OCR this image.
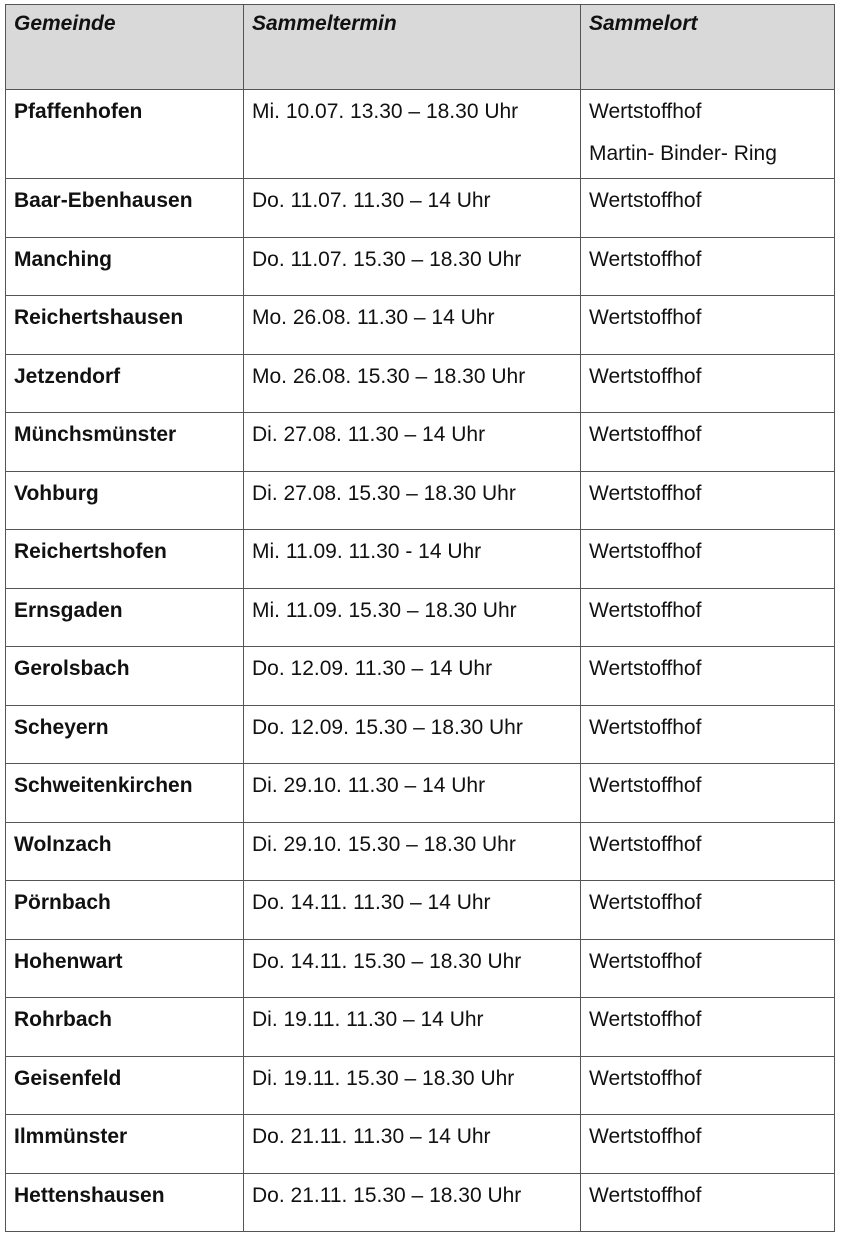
Gemeinde	Sammeltermin	Sammelort
Pfaffenhofen	Mi. 10.07. 13.30 – 18.30 Uhr	Wertstoffhof
Martin- Binder- Ring

Baar-Ebenhausen	Do. 11.07. 11.30 – 14 Uhr	Wertstoffhof

Manching	Do. 11.07. 15.30 – 18.30 Uhr	Wertstoffhof

Reichertshausen	Mo. 26.08. 11.30 – 14 Uhr	Wertstoffhof

Jetzendorf	Mo. 26.08. 15.30 – 18.30 Uhr	Wertstoffhof

Münchsmünster	Di. 27.08. 11.30 – 14 Uhr	Wertstoffhof

Vohburg	Di. 27.08. 15.30 – 18.30 Uhr	Wertstoffhof

Reichertshofen	Mi. 11.09. 11.30 - 14 Uhr	Wertstoffhof

Ernsgaden	Mi. 11.09. 15.30 – 18.30 Uhr	Wertstoffhof

Gerolsbach	Do. 12.09. 11.30 – 14 Uhr	Wertstoffhof

Scheyern	Do. 12.09. 15.30 – 18.30 Uhr	Wertstoffhof

Schweitenkirchen	Di. 29.10. 11.30 – 14 Uhr	Wertstoffhof

Wolnzach	Di. 29.10. 15.30 – 18.30 Uhr	Wertstoffhof

Pörnbach	Do. 14.11. 11.30 – 14 Uhr	Wertstoffhof

Hohenwart	Do. 14.11. 15.30 – 18.30 Uhr	Wertstoffhof

Rohrbach	Di. 19.11. 11.30 – 14 Uhr	Wertstoffhof

Geisenfeld	Di. 19.11. 15.30 – 18.30 Uhr	Wertstoffhof

Ilmmünster	Do. 21.11. 11.30 – 14 Uhr	Wertstoffhof

Hettenshausen	Do. 21.11. 15.30 – 18.30 Uhr	Wertstoffhof
